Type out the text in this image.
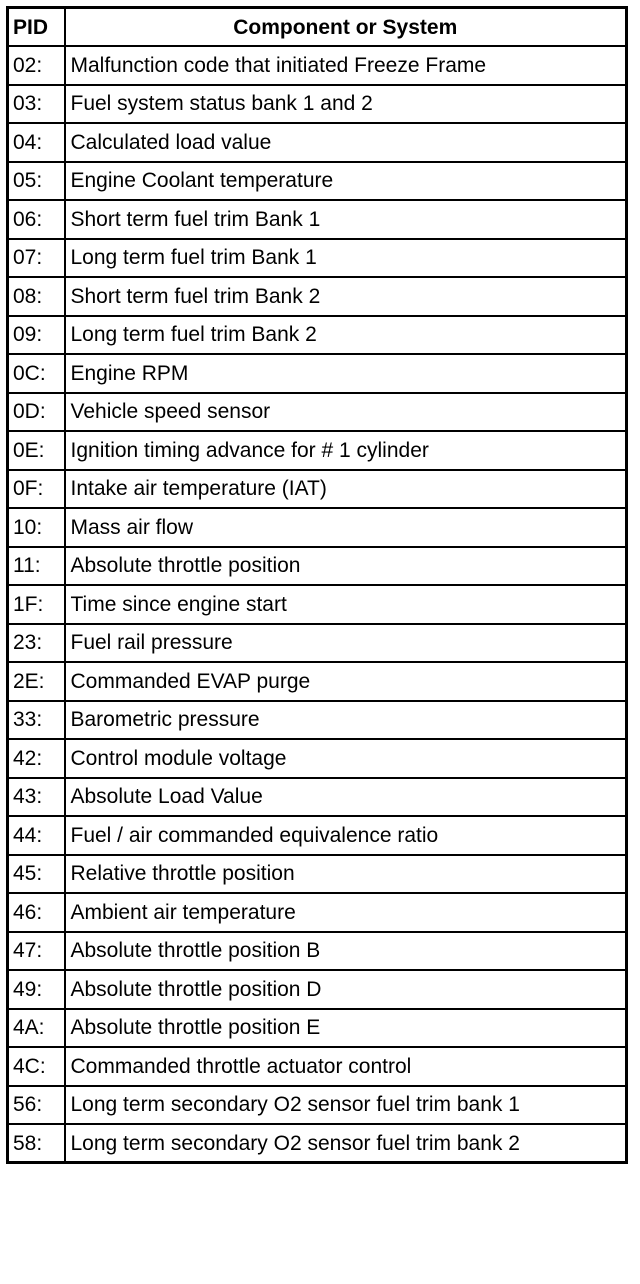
PID	Component or System
02:	Malfunction code that initiated Freeze Frame
03:	Fuel system status bank 1 and 2
04:	Calculated load value
05:	Engine Coolant temperature
06:	Short term fuel trim Bank 1
07:	Long term fuel trim Bank 1
08:	Short term fuel trim Bank 2
09:	Long term fuel trim Bank 2
0C:	Engine RPM
0D:	Vehicle speed sensor
0E:	Ignition timing advance for # 1 cylinder
0F:	Intake air temperature (IAT)
10:	Mass air flow
11:	Absolute throttle position
1F:	Time since engine start
23:	Fuel rail pressure
2E:	Commanded EVAP purge
33:	Barometric pressure
42:	Control module voltage
43:	Absolute Load Value
44:	Fuel / air commanded equivalence ratio
45:	Relative throttle position
46:	Ambient air temperature
47:	Absolute throttle position B
49:	Absolute throttle position D
4A:	Absolute throttle position E
4C:	Commanded throttle actuator control
56:	Long term secondary O2 sensor fuel trim bank 1
58:	Long term secondary O2 sensor fuel trim bank 2
